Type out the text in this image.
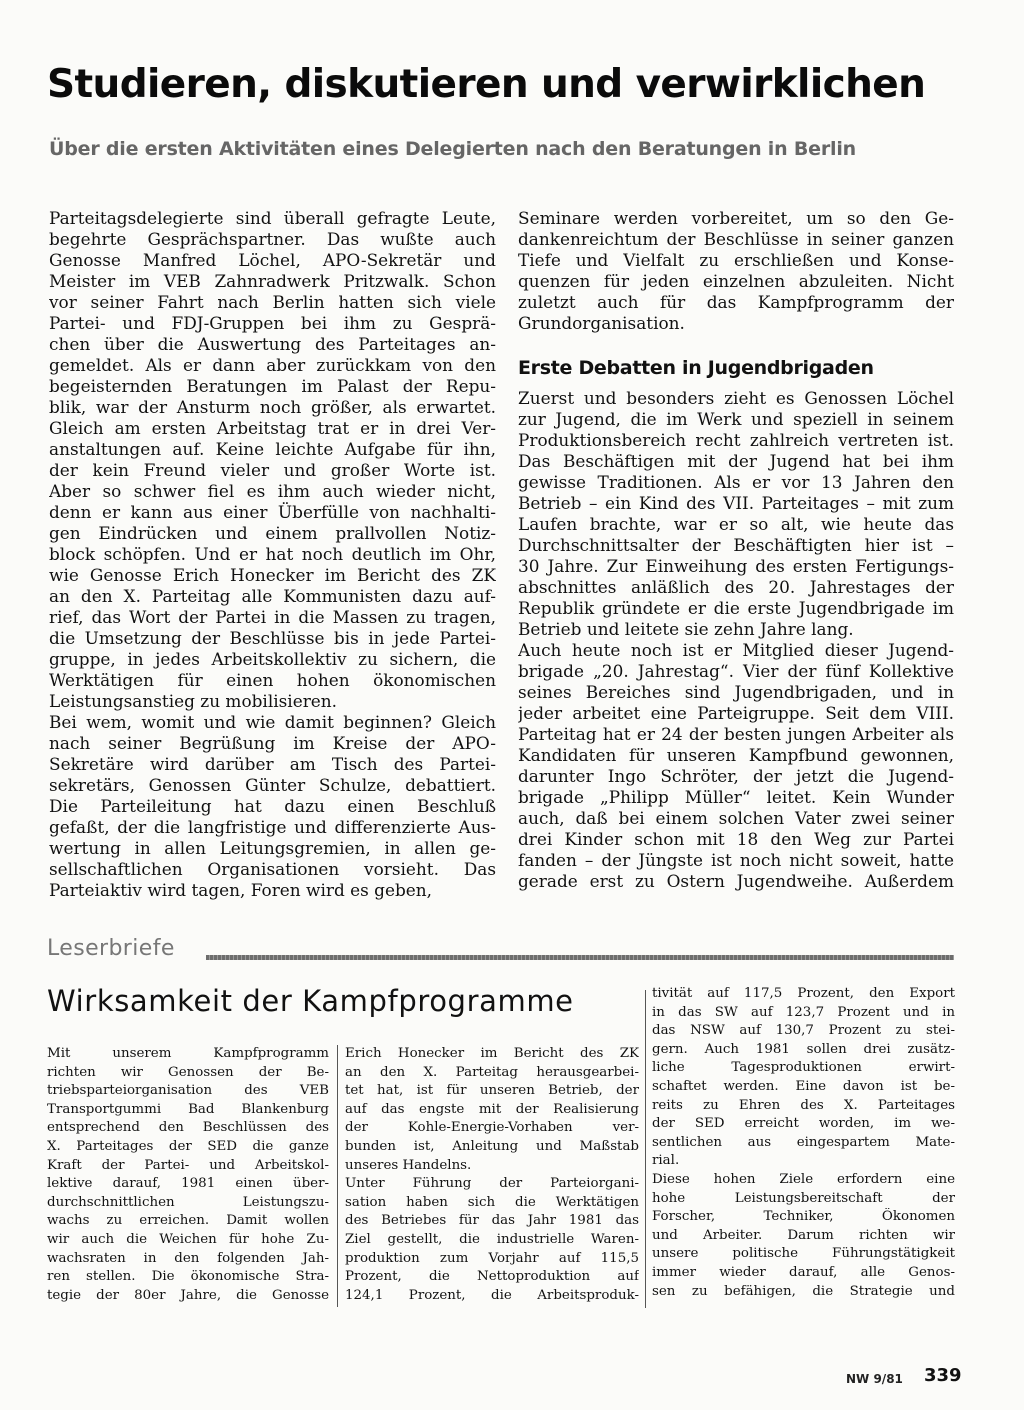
Studieren, diskutieren und verwirklichen

Über die ersten Aktivitäten eines Delegierten nach den Beratungen in Berlin

Parteitagsdelegierte sind überall gefragte Leute,
begehrte Gesprächspartner. Das wußte auch
Genosse Manfred Löchel, APO-Sekretär und
Meister im VEB Zahnradwerk Pritzwalk. Schon
vor seiner Fahrt nach Berlin hatten sich viele
Partei- und FDJ-Gruppen bei ihm zu Gesprä-
chen über die Auswertung des Parteitages an-
gemeldet. Als er dann aber zurückkam von den
begeisternden Beratungen im Palast der Repu-
blik, war der Ansturm noch größer, als erwartet.
Gleich am ersten Arbeitstag trat er in drei Ver-
anstaltungen auf. Keine leichte Aufgabe für ihn,
der kein Freund vieler und großer Worte ist.
Aber so schwer fiel es ihm auch wieder nicht,
denn er kann aus einer Überfülle von nachhalti-
gen Eindrücken und einem prallvollen Notiz-
block schöpfen. Und er hat noch deutlich im Ohr,
wie Genosse Erich Honecker im Bericht des ZK
an den X. Parteitag alle Kommunisten dazu auf-
rief, das Wort der Partei in die Massen zu tragen,
die Umsetzung der Beschlüsse bis in jede Partei-
gruppe, in jedes Arbeitskollektiv zu sichern, die
Werktätigen für einen hohen ökonomischen
Leistungsanstieg zu mobilisieren.
Bei wem, womit und wie damit beginnen? Gleich
nach seiner Begrüßung im Kreise der APO-
Sekretäre wird darüber am Tisch des Partei-
sekretärs, Genossen Günter Schulze, debattiert.
Die Parteileitung hat dazu einen Beschluß
gefaßt, der die langfristige und differenzierte Aus-
wertung in allen Leitungsgremien, in allen ge-
sellschaftlichen Organisationen vorsieht. Das
Parteiaktiv wird tagen, Foren wird es geben,
Seminare werden vorbereitet, um so den Ge-
dankenreichtum der Beschlüsse in seiner ganzen
Tiefe und Vielfalt zu erschließen und Konse-
quenzen für jeden einzelnen abzuleiten. Nicht
zuletzt auch für das Kampfprogramm der
Grundorganisation.
Erste Debatten in Jugendbrigaden
Zuerst und besonders zieht es Genossen Löchel
zur Jugend, die im Werk und speziell in seinem
Produktionsbereich recht zahlreich vertreten ist.
Das Beschäftigen mit der Jugend hat bei ihm
gewisse Traditionen. Als er vor 13 Jahren den
Betrieb – ein Kind des VII. Parteitages – mit zum
Laufen brachte, war er so alt, wie heute das
Durchschnittsalter der Beschäftigten hier ist –
30 Jahre. Zur Einweihung des ersten Fertigungs-
abschnittes anläßlich des 20. Jahrestages der
Republik gründete er die erste Jugendbrigade im
Betrieb und leitete sie zehn Jahre lang.
Auch heute noch ist er Mitglied dieser Jugend-
brigade „20. Jahrestag“. Vier der fünf Kollektive
seines Bereiches sind Jugendbrigaden, und in
jeder arbeitet eine Parteigruppe. Seit dem VIII.
Parteitag hat er 24 der besten jungen Arbeiter als
Kandidaten für unseren Kampfbund gewonnen,
darunter Ingo Schröter, der jetzt die Jugend-
brigade „Philipp Müller“ leitet. Kein Wunder
auch, daß bei einem solchen Vater zwei seiner
drei Kinder schon mit 18 den Weg zur Partei
fanden – der Jüngste ist noch nicht soweit, hatte
gerade erst zu Ostern Jugendweihe. Außerdem
Leserbriefe
Wirksamkeit der Kampfprogramme
Mit unserem Kampfprogramm
richten wir Genossen der Be-
triebsparteiorganisation des VEB
Transportgummi Bad Blankenburg
entsprechend den Beschlüssen des
X. Parteitages der SED die ganze
Kraft der Partei- und Arbeitskol-
lektive darauf, 1981 einen über-
durchschnittlichen Leistungszu-
wachs zu erreichen. Damit wollen
wir auch die Weichen für hohe Zu-
wachsraten in den folgenden Jah-
ren stellen. Die ökonomische Stra-
tegie der 80er Jahre, die Genosse
Erich Honecker im Bericht des ZK
an den X. Parteitag herausgearbei-
tet hat, ist für unseren Betrieb, der
auf das engste mit der Realisierung
der Kohle-Energie-Vorhaben ver-
bunden ist, Anleitung und Maßstab
unseres Handelns.
Unter Führung der Parteiorgani-
sation haben sich die Werktätigen
des Betriebes für das Jahr 1981 das
Ziel gestellt, die industrielle Waren-
produktion zum Vorjahr auf 115,5
Prozent, die Nettoproduktion auf
124,1 Prozent, die Arbeitsproduk-
tivität auf 117,5 Prozent, den Export
in das SW auf 123,7 Prozent und in
das NSW auf 130,7 Prozent zu stei-
gern. Auch 1981 sollen drei zusätz-
liche Tagesproduktionen erwirt-
schaftet werden. Eine davon ist be-
reits zu Ehren des X. Parteitages
der SED erreicht worden, im we-
sentlichen aus eingespartem Mate-
rial.
Diese hohen Ziele erfordern eine
hohe Leistungsbereitschaft der
Forscher, Techniker, Ökonomen
und Arbeiter. Darum richten wir
unsere politische Führungstätigkeit
immer wieder darauf, alle Genos-
sen zu befähigen, die Strategie und
NW 9/81 339
